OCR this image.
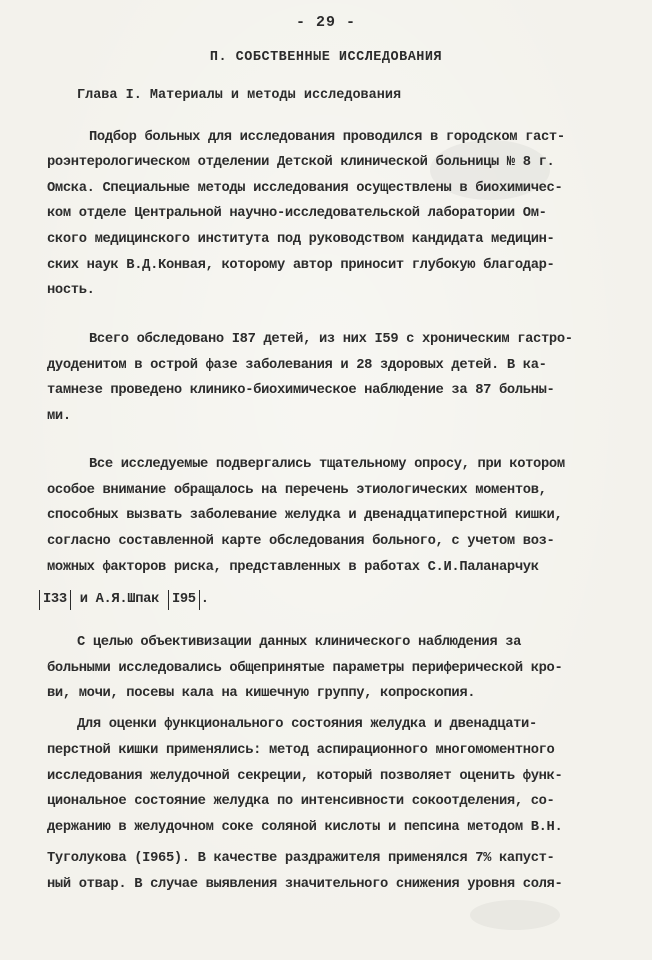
- 29 -
П. СОБСТВЕННЫЕ ИССЛЕДОВАНИЯ
Глава I. Материалы и методы исследования
Подбор больных для исследования проводился в городском гаст-
роэнтерологическом отделении Детской клинической больницы № 8 г.
Омска. Специальные методы исследования осуществлены в биохимичес-
ком отделе Центральной научно-исследовательской лаборатории Ом-
ского медицинского института под руководством кандидата медицин-
ских наук В.Д.Конвая, которому автор приносит глубокую благодар-
ность.
Всего обследовано I87 детей, из них I59 с хроническим гастро-
дуоденитом в острой фазе заболевания и 28 здоровых детей. В ка-
тамнезе проведено клинико-биохимическое наблюдение за 87 больны-
ми.
Все исследуемые подвергались тщательному опросу, при котором
особое внимание обращалось на перечень этиологических моментов,
способных вызвать заболевание желудка и двенадцатиперстной кишки,
согласно составленной карте обследования больного, с учетом воз-
можных факторов риска, представленных в работах С.И.Паланарчук
I33 и А.Я.Шпак I95 .
С целью объективизации данных клинического наблюдения за
больными исследовались общепринятые параметры периферической кро-
ви, мочи, посевы кала на кишечную группу, копроскопия.
Для оценки функционального состояния желудка и двенадцати-
перстной кишки применялись: метод аспирационного многомоментного
исследования желудочной секреции, который позволяет оценить функ-
циональное состояние желудка по интенсивности сокоотделения, со-
держанию в желудочном соке соляной кислоты и пепсина методом В.Н.
Туголукова (I965). В качестве раздражителя применялся 7% капуст-
ный отвар. В случае выявления значительного снижения уровня соля-
